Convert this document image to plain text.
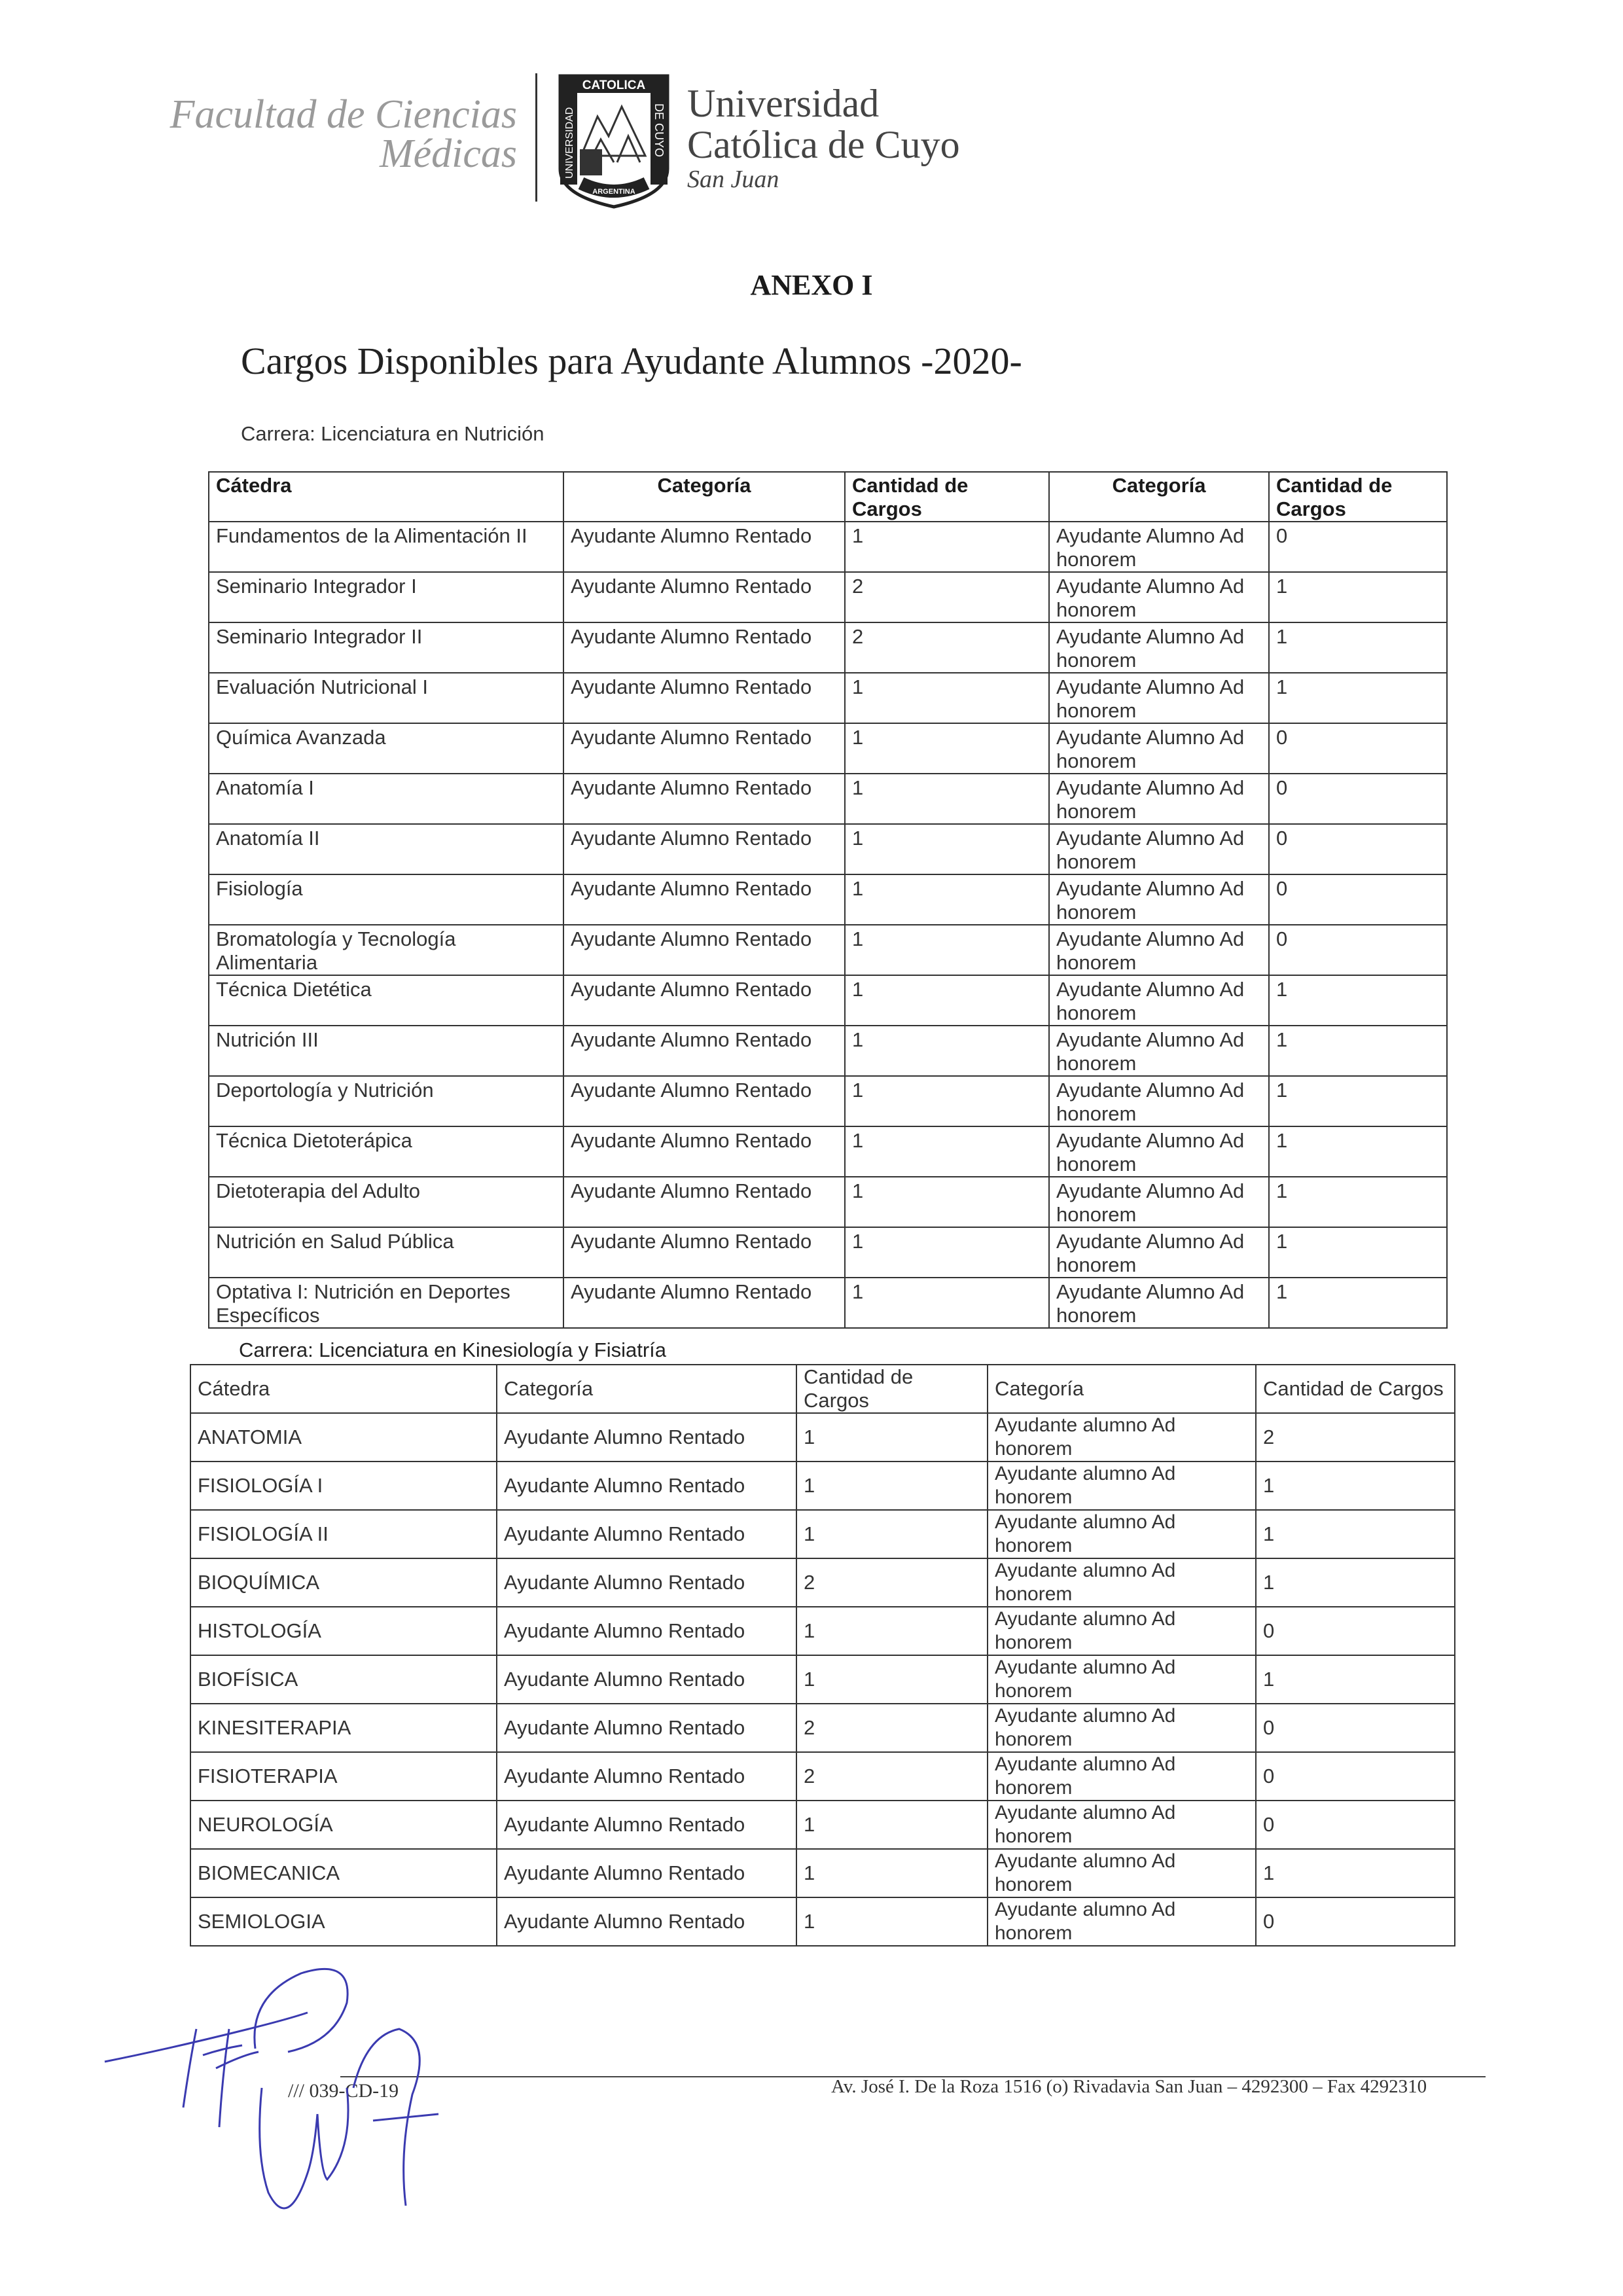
Facultad de Ciencias
Médicas
CATOLICA
UNIVERSIDAD	DE CUYO
ARGENTINA
Universidad
Católica de Cuyo
San Juan
ANEXO I
Cargos Disponibles para Ayudante Alumnos -2020-
Carrera: Licenciatura en Nutrición
Cátedra	Categoría	Cantidad de Cargos	Categoría	Cantidad de Cargos
Fundamentos de la Alimentación II	Ayudante Alumno Rentado	1	Ayudante Alumno Ad honorem	0
Seminario Integrador I	Ayudante Alumno Rentado	2	Ayudante Alumno Ad honorem	1
Seminario Integrador II	Ayudante Alumno Rentado	2	Ayudante Alumno Ad honorem	1
Evaluación Nutricional I	Ayudante Alumno Rentado	1	Ayudante Alumno Ad honorem	1
Química Avanzada	Ayudante Alumno Rentado	1	Ayudante Alumno Ad honorem	0
Anatomía I	Ayudante Alumno Rentado	1	Ayudante Alumno Ad honorem	0
Anatomía II	Ayudante Alumno Rentado	1	Ayudante Alumno Ad honorem	0
Fisiología	Ayudante Alumno Rentado	1	Ayudante Alumno Ad honorem	0
Bromatología y Tecnología Alimentaria	Ayudante Alumno Rentado	1	Ayudante Alumno Ad honorem	0
Técnica Dietética	Ayudante Alumno Rentado	1	Ayudante Alumno Ad honorem	1
Nutrición III	Ayudante Alumno Rentado	1	Ayudante Alumno Ad honorem	1
Deportología y Nutrición	Ayudante Alumno Rentado	1	Ayudante Alumno Ad honorem	1
Técnica Dietoterápica	Ayudante Alumno Rentado	1	Ayudante Alumno Ad honorem	1
Dietoterapia del Adulto	Ayudante Alumno Rentado	1	Ayudante Alumno Ad honorem	1
Nutrición en Salud Pública	Ayudante Alumno Rentado	1	Ayudante Alumno Ad honorem	1
Optativa I: Nutrición en Deportes Específicos	Ayudante Alumno Rentado	1	Ayudante Alumno Ad honorem	1
Carrera: Licenciatura en Kinesiología y Fisiatría
Cátedra	Categoría	Cantidad de Cargos	Categoría	Cantidad de Cargos
ANATOMIA	Ayudante Alumno Rentado	1	Ayudante alumno Ad honorem	2
FISIOLOGÍA I	Ayudante Alumno Rentado	1	Ayudante alumno Ad honorem	1
FISIOLOGÍA II	Ayudante Alumno Rentado	1	Ayudante alumno Ad honorem	1
BIOQUÍMICA	Ayudante Alumno Rentado	2	Ayudante alumno Ad honorem	1
HISTOLOGÍA	Ayudante Alumno Rentado	1	Ayudante alumno Ad honorem	0
BIOFÍSICA	Ayudante Alumno Rentado	1	Ayudante alumno Ad honorem	1
KINESITERAPIA	Ayudante Alumno Rentado	2	Ayudante alumno Ad honorem	0
FISIOTERAPIA	Ayudante Alumno Rentado	2	Ayudante alumno Ad honorem	0
NEUROLOGÍA	Ayudante Alumno Rentado	1	Ayudante alumno Ad honorem	0
BIOMECANICA	Ayudante Alumno Rentado	1	Ayudante alumno Ad honorem	1
SEMIOLOGIA	Ayudante Alumno Rentado	1	Ayudante alumno Ad honorem	0
/// 039-CD-19	Av. José I. De la Roza 1516 (o) Rivadavia San Juan – 4292300 – Fax 4292310
